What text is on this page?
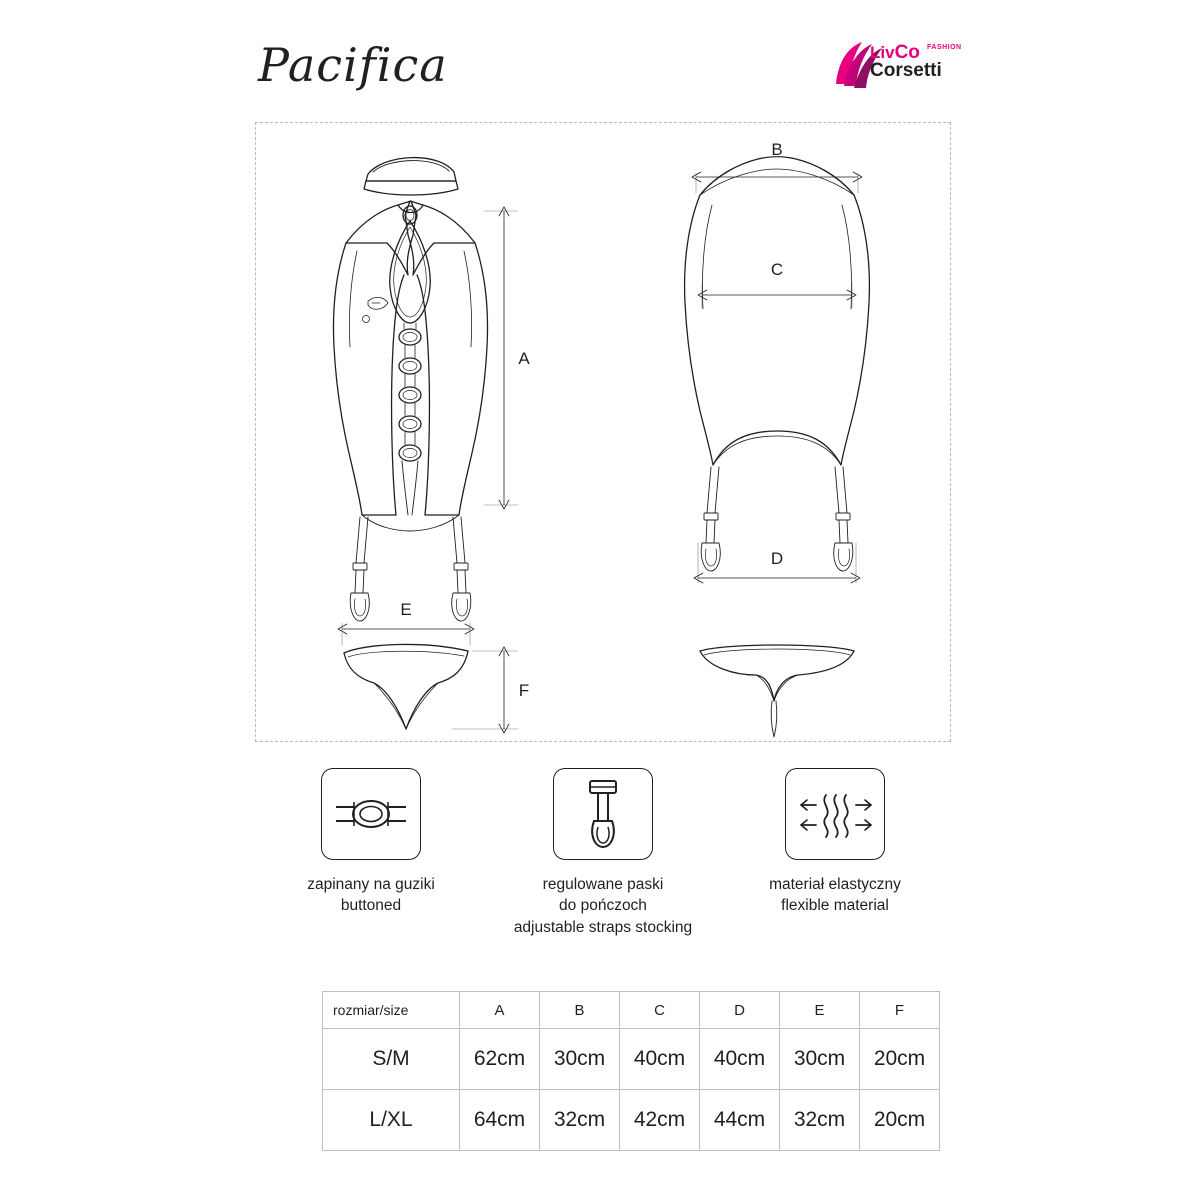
Pacifica	LivCo FASHION
Corsetti
A
B
C
D
E
F
zapinany na guziki
buttoned
regulowane paski
do pończoch
adjustable straps stocking
materiał elastyczny
flexible material
rozmiar/size	A	B	C	D	E	F
S/M	62cm	30cm	40cm	40cm	30cm	20cm
L/XL	64cm	32cm	42cm	44cm	32cm	20cm
